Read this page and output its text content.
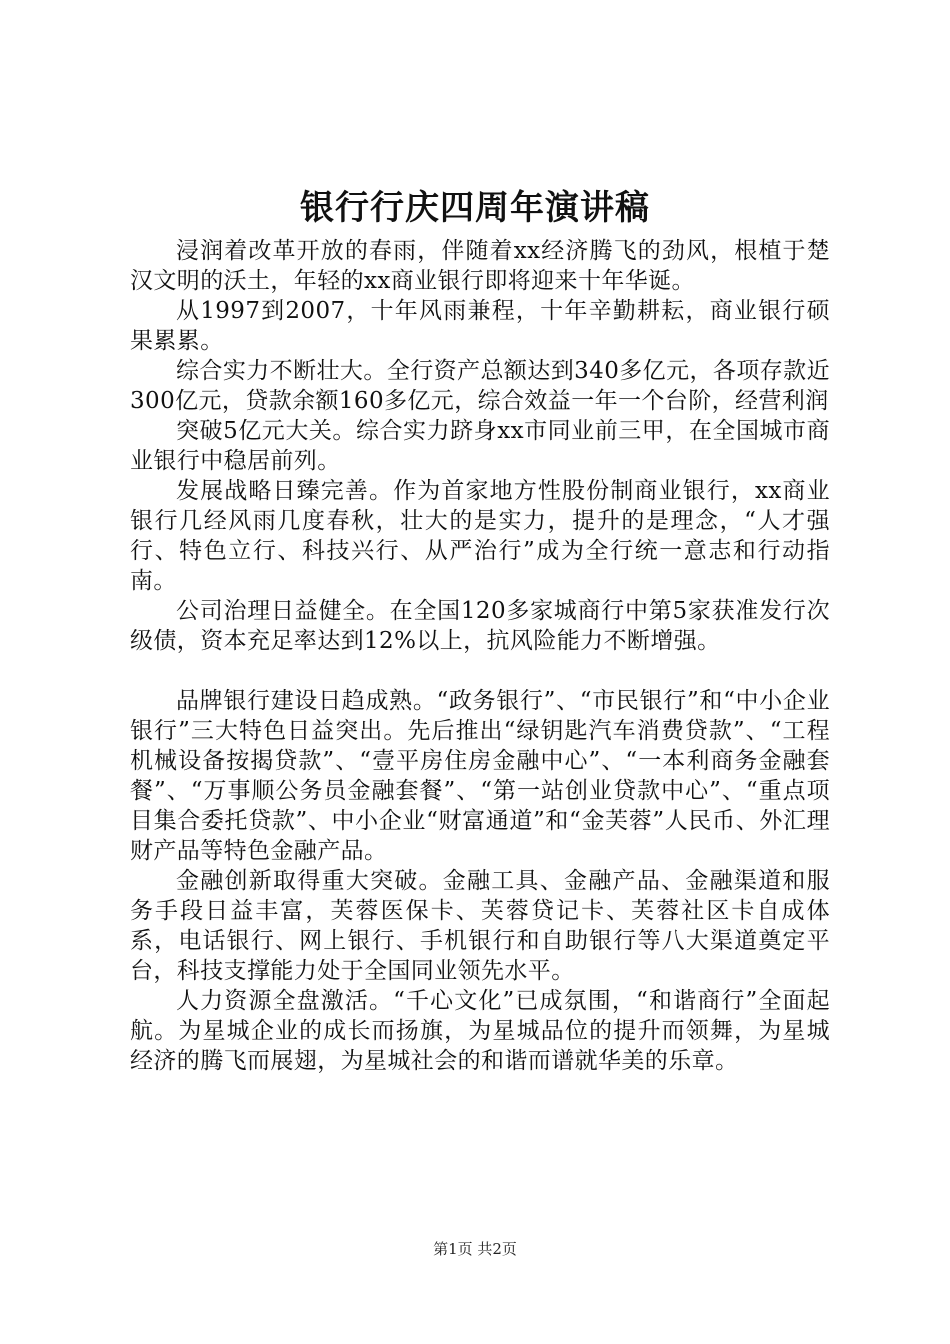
银行行庆四周年演讲稿

浸润着改革开放的春雨，伴随着xx经济腾飞的劲风，根植于楚汉文明的沃土，年轻的xx商业银行即将迎来十年华诞。

从1997到2007，十年风雨兼程，十年辛勤耕耘，商业银行硕果累累。

综合实力不断壮大。全行资产总额达到340多亿元，各项存款近300亿元，贷款余额160多亿元，综合效益一年一个台阶，经营利润

突破5亿元大关。综合实力跻身xx市同业前三甲，在全国城市商业银行中稳居前列。

发展战略日臻完善。作为首家地方性股份制商业银行，xx商业银行几经风雨几度春秋，壮大的是实力，提升的是理念，“人才强行、特色立行、科技兴行、从严治行”成为全行统一意志和行动指南。

公司治理日益健全。在全国120多家城商行中第5家获准发行次级债，资本充足率达到12%以上，抗风险能力不断增强。

品牌银行建设日趋成熟。“政务银行”、“市民银行”和“中小企业银行”三大特色日益突出。先后推出“绿钥匙汽车消费贷款”、“工程机械设备按揭贷款”、“壹平房住房金融中心”、“一本利商务金融套餐”、“万事顺公务员金融套餐”、“第一站创业贷款中心”、“重点项目集合委托贷款”、中小企业“财富通道”和“金芙蓉”人民币、外汇理财产品等特色金融产品。

金融创新取得重大突破。金融工具、金融产品、金融渠道和服务手段日益丰富，芙蓉医保卡、芙蓉贷记卡、芙蓉社区卡自成体系，电话银行、网上银行、手机银行和自助银行等八大渠道奠定平台，科技支撑能力处于全国同业领先水平。

人力资源全盘激活。“千心文化”已成氛围，“和谐商行”全面起航。为星城企业的成长而扬旗，为星城品位的提升而领舞，为星城经济的腾飞而展翅，为星城社会的和谐而谱就华美的乐章。

第1页 共2页
